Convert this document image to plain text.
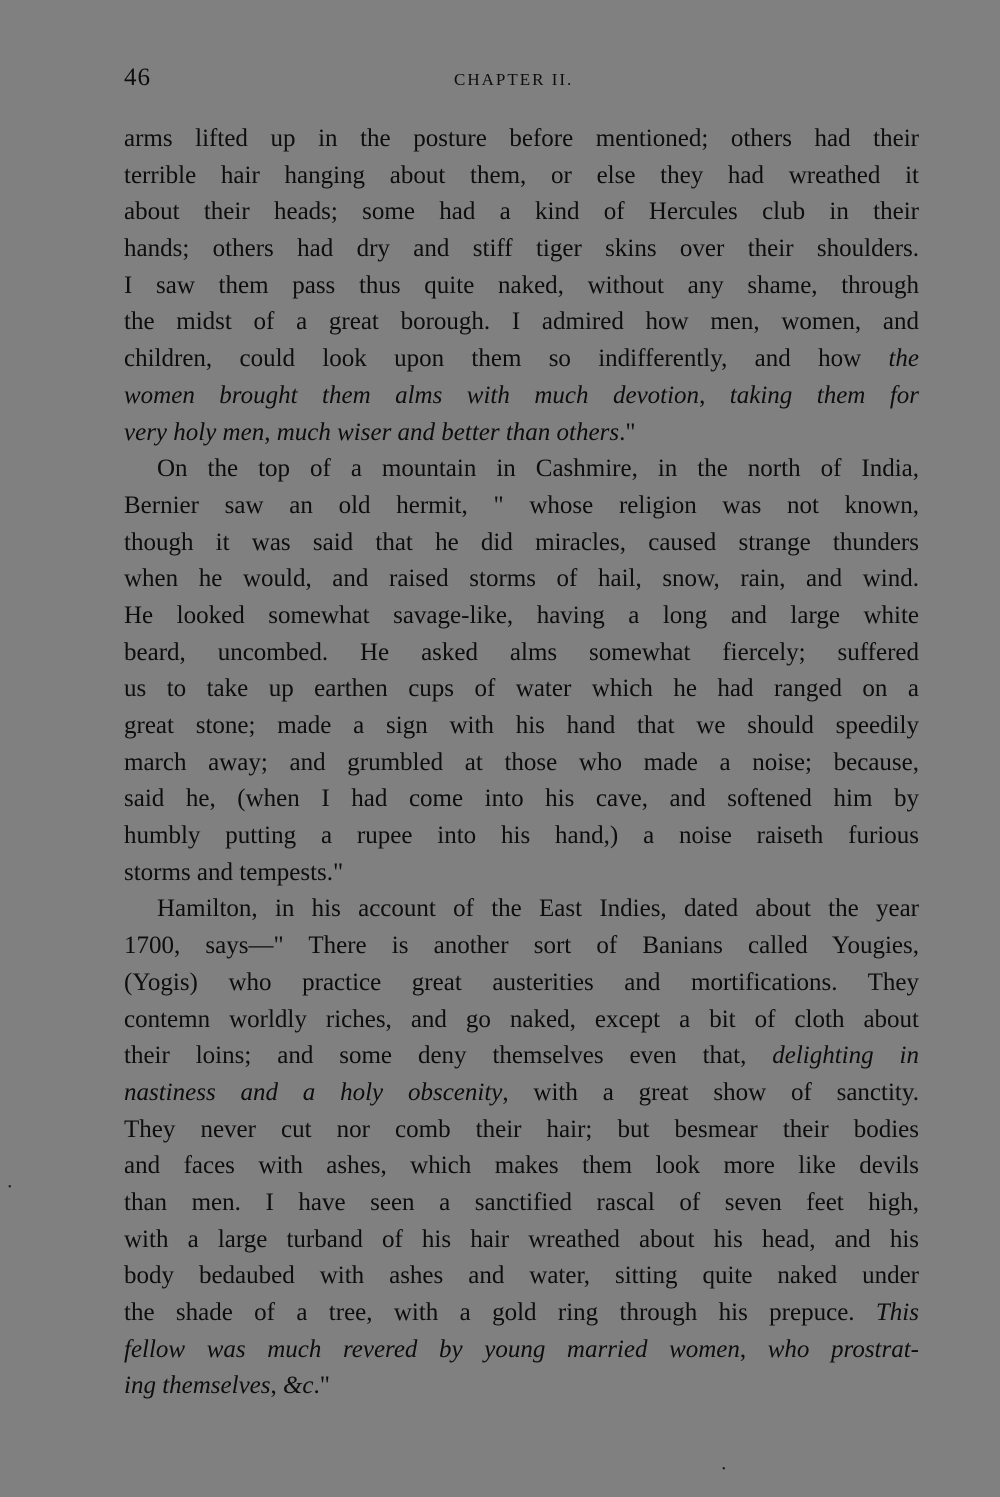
46	CHAPTER II.
arms lifted up in the posture before mentioned; others had their
terrible hair hanging about them, or else they had wreathed it
about their heads; some had a kind of Hercules club in their
hands; others had dry and stiff tiger skins over their shoulders.
I saw them pass thus quite naked, without any shame, through
the midst of a great borough. I admired how men, women, and
children, could look upon them so indifferently, and how the
women brought them alms with much devotion, taking them for
very holy men, much wiser and better than others."
On the top of a mountain in Cashmire, in the north of India,
Bernier saw an old hermit, " whose religion was not known,
though it was said that he did miracles, caused strange thunders
when he would, and raised storms of hail, snow, rain, and wind.
He looked somewhat savage-like, having a long and large white
beard, uncombed. He asked alms somewhat fiercely; suffered
us to take up earthen cups of water which he had ranged on a
great stone; made a sign with his hand that we should speedily
march away; and grumbled at those who made a noise; because,
said he, (when I had come into his cave, and softened him by
humbly putting a rupee into his hand,) a noise raiseth furious
storms and tempests."
Hamilton, in his account of the East Indies, dated about the year
1700, says—" There is another sort of Banians called Yougies,
(Yogis) who practice great austerities and mortifications. They
contemn worldly riches, and go naked, except a bit of cloth about
their loins; and some deny themselves even that, delighting in
nastiness and a holy obscenity, with a great show of sanctity.
They never cut nor comb their hair; but besmear their bodies
and faces with ashes, which makes them look more like devils
than men. I have seen a sanctified rascal of seven feet high,
with a large turband of his hair wreathed about his head, and his
body bedaubed with ashes and water, sitting quite naked under
the shade of a tree, with a gold ring through his prepuce. This
fellow was much revered by young married women, who prostrat-
ing themselves, &c."
•
•
